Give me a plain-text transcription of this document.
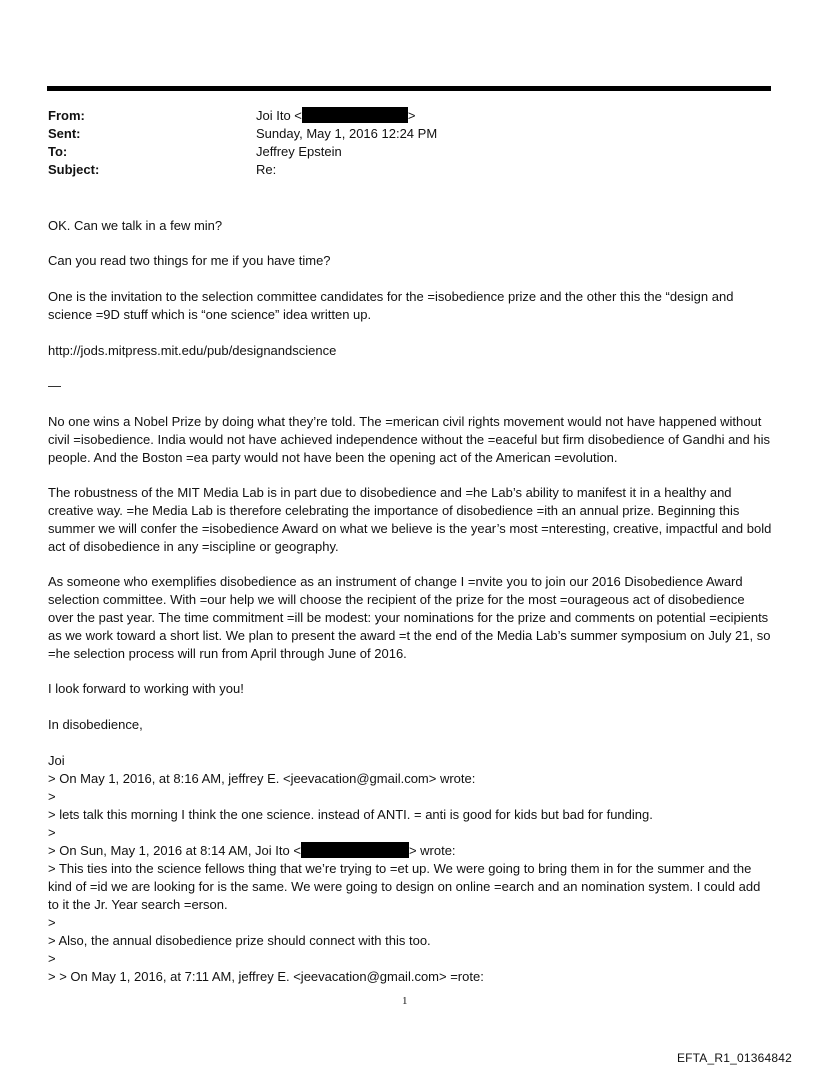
From:	Joi Ito <	>
Sent:	Sunday, May 1, 2016 12:24 PM
To:	Jeffrey Epstein
Subject:	Re:

OK. Can we talk in a few min?

Can you read two things for me if you have time?

One is the invitation to the selection committee candidates for the =isobedience prize and the other this the “design and science =9D stuff which is “one science” idea written up.

http://jods.mitpress.mit.edu/pub/designandscience

—

No one wins a Nobel Prize by doing what they’re told. The =merican civil rights movement would not have happened without civil =isobedience. India would not have achieved independence without the =eaceful but firm disobedience of Gandhi and his people. And the Boston =ea party would not have been the opening act of the American =evolution.

The robustness of the MIT Media Lab is in part due to disobedience and =he Lab’s ability to manifest it in a healthy and creative way. =he Media Lab is therefore celebrating the importance of disobedience =ith an annual prize. Beginning this summer we will confer the =isobedience Award on what we believe is the year’s most =nteresting, creative, impactful and bold act of disobedience in any =iscipline or geography.

As someone who exemplifies disobedience as an instrument of change I =nvite you to join our 2016 Disobedience Award selection committee. With =our help we will choose the recipient of the prize for the most =ourageous act of disobedience over the past year. The time commitment =ill be modest: your nominations for the prize and comments on potential =ecipients as we work toward a short list. We plan to present the award =t the end of the Media Lab’s summer symposium on July 21, so =he selection process will run from April through June of 2016.

I look forward to working with you!

In disobedience,

Joi

> On May 1, 2016, at 8:16 AM, jeffrey E. <jeevacation@gmail.com> wrote:
>
> lets talk this morning I think the one science. instead of ANTI. = anti is good for kids but bad for funding.
>
> On Sun, May 1, 2016 at 8:14 AM, Joi Ito <	> wrote:

> This ties into the science fellows thing that we’re trying to =et up. We were going to bring them in for the summer and the kind of =id we are looking for is the same. We were going to design on online =earch and an nomination system. I could add to it the Jr. Year search =erson.

>
> Also, the annual disobedience prize should connect with this too.
>
> > On May 1, 2016, at 7:11 AM, jeffrey E. <jeevacation@gmail.com> =rote:
1
EFTA_R1_01364842
